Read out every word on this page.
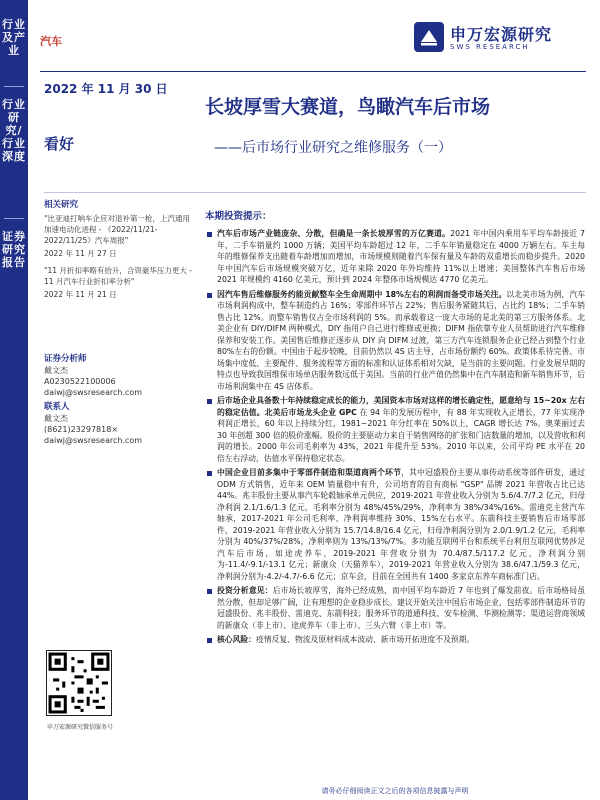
行业及产业
行业研究/行业深度
证券研究报告
汽车	申万宏源研究
SWS RESEARCH
2022 年 11 月 30 日
看好
长坡厚雪大赛道，鸟瞰汽车后市场
——后市场行业研究之维修服务（一）
相关研究
"比亚迪打响车企应对退补第一枪，上汽通用加速电动化进程 - 《2022/11/21-2022/11/25》汽车周报"
2022 年 11 月 27 日
"11 月折扣率略有抬升，合资豪华压力更大 - 11 月汽车行业折扣率分析"
2022 年 11 月 21 日
证券分析师
戴文杰
A0230522100006
daiwj@swsresearch.com
联系人
戴文杰
(8621)23297818×
daiwj@swsresearch.com
申万宏源研究微信服务号
本期投资提示：
汽车后市场产业链庞杂、分散，但确是一条长坡厚雪的万亿赛道。2021 年中国内乘用车平均车龄接近 7 年，二手车销量约 1000 万辆；美国平均车龄超过 12 年，二手车年销量稳定在 4000 万辆左右。车主每年的维修保养支出随着车龄增加而增加，市场规模则随着汽车保有量及车龄的双重增长而稳步提升。2020 年中国汽车后市场规模突破万亿，近年来除 2020 年外均维持 11%以上增速；美国整体汽车售后市场 2021 年规模约 4160 亿美元，预计到 2024 年整体市场规模达 4770 亿美元。
因汽车售后维修服务约能贡献整车全生命周期中 18%左右的利润而备受市场关注。以北美市场为例，汽车市场利润构成中，整车制造约占 16%；零部件环节占 22%；售后服务紧随其后，占比约 18%；二手车销售占比 12%。而整车销售仅占全市场利润的 5%。而承载着这一庞大市场的是北美的第三方服务体系。北美企业有 DIY/DIFM 两种模式，DIY 指用户自己进行维修或更换；DIFM 指依靠专业人员帮助进行汽车维修保养和安装工作。美国售后维修正逐步从 DIY 向 DIFM 过渡，第三方汽车连锁服务企业已经占到整个行业 80%左右的份额。中国由于起步较晚，目前仍然以 4S 店主导，占市场份额约 60%。政策体系待完善、市场集中度低、主要配件、服务流程等方面的标准和认证体系相对欠缺，是当前的主要问题。行业发展早期的特点也导致我国维保市场单店服务数远低于美国。当前的行业产值仍然集中在汽车制造和新车销售环节，后市场利润集中在 4S 店体系。
后市场企业具备数十年持续稳定成长的能力，美国资本市场对这样的增长确定性，愿意给与 15~20x 左右的稳定估值。北美后市场龙头企业 GPC 在 94 年的发展历程中，有 88 年实现收入正增长，77 年实现净利润正增长，60 年以上持续分红，1981~2021 年分红率在 50%以上，CAGR 增长达 7%。奥莱丽过去 30 年创超 300 倍的股价涨幅。股价的主要驱动力来自于销售网络的扩张和门店数量的增加，以及营收和利润的增长。2000 年公司毛利率为 43%，2021 年提升至 53%。2010 年以来，公司平均 PE 水平在 20 倍左右浮动，估值水平保持稳定状态。
中国企业目前多集中于零部件制造和渠道商两个环节，其中冠盛股份主要从事传动系统等部件研发，通过 ODM 方式销售，近年来 OEM 销量稳中有升，公司培育的自有商标 "GSP" 品牌 2021 年营收占比已达 44%。兆丰股份主要从事汽车轮毂轴承单元供应，2019-2021 年营业收入分别为 5.6/4.7/7.2 亿元，归母净利润 2.1/1.6/1.3 亿元，毛利率分别为 48%/45%/29%，净利率为 38%/34%/16%。雷迪克主营汽车轴承，2017-2021 年公司毛利率、净利润率维持 30%、15%左右水平。东箭科技主要销售后市场零部件，2019-2021 年营业收入分别为 15.7/14.8/16.4 亿元，归母净利润分别为 2.0/1.9/1.2 亿元，毛利率分别为 40%/37%/28%，净利率则为 13%/13%/7%。多功能互联网平台和系统平台利用互联网优势涉足汽车后市场，如途虎养车，2019-2021 年营收分别为 70.4/87.5/117.2 亿元，净利润分别为-11.4/-9.1/-13.1 亿元；新康众（天猫养车），2019-2021 年营业收入分别为 38.6/47.1/59.3 亿元，净利润分别为-4.2/-4.7/-6.6 亿元；京车会，目前在全国共有 1400 多家京东养车商标准门店。
投资分析意见：后市场长坡厚雪，海外已经成熟，而中国平均车龄近 7 年也到了爆发前夜。后市场格局虽然分散，但却足够广阔，让有理想的企业稳步成长。建议开始关注中国后市场企业，包括零部件制造环节的冠盛股份、兆丰股份、雷迪克、东箭科技；服务环节的道通科技、安车检测、华测检测等；渠道运营商领域的新康众（非上市）、途虎养车（非上市）、三头六臂（非上市）等。
核心风险：疫情反复、物流及原材料成本波动、新市场开拓进度不及预期。
请务必仔细阅读正文之后的各项信息披露与声明
